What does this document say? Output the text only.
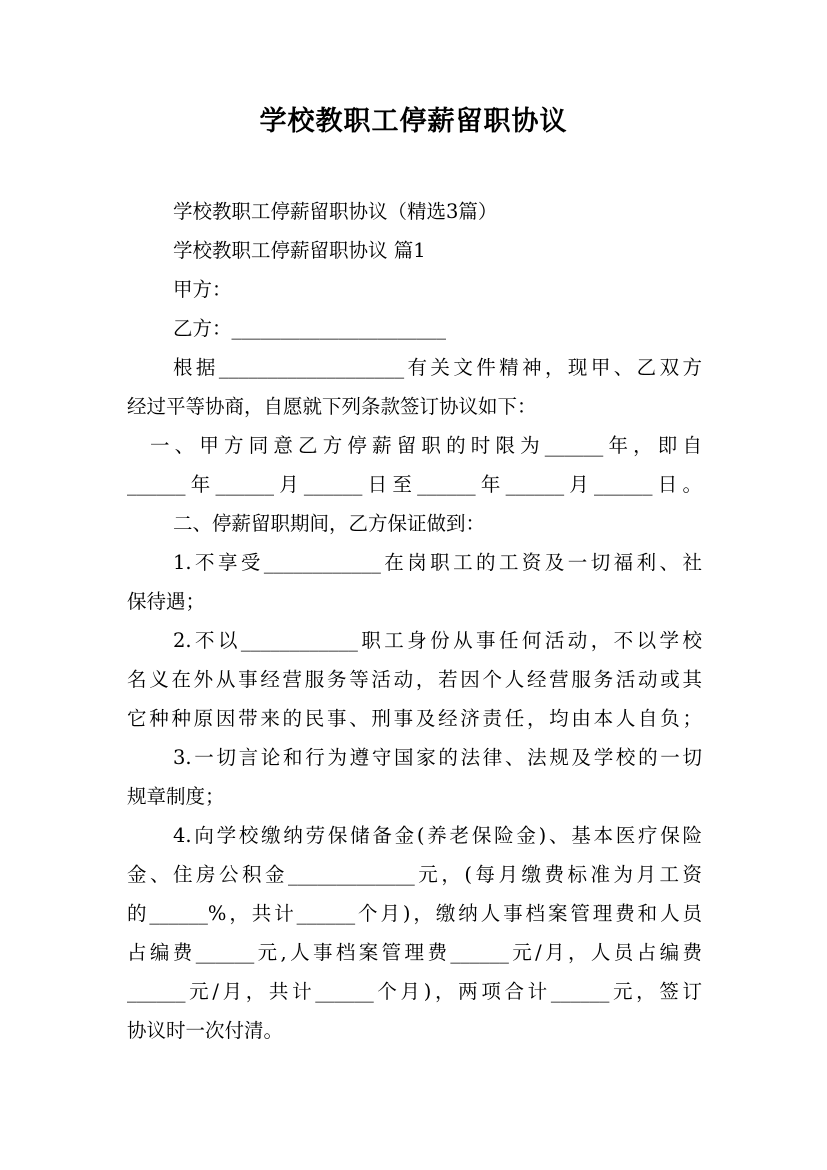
学校教职工停薪留职协议
学校教职工停薪留职协议（精选3篇）
学校教职工停薪留职协议 篇1
甲方：
乙方：______________________
根据___________________有关文件精神，现甲、乙双方
经过平等协商，自愿就下列条款签订协议如下：
一、甲方同意乙方停薪留职的时限为______年，即自
______年______月______日至______年______月______日。
二、停薪留职期间，乙方保证做到：
1.不享受____________在岗职工的工资及一切福利、社
保待遇；
2.不以____________职工身份从事任何活动，不以学校
名义在外从事经营服务等活动，若因个人经营服务活动或其
它种种原因带来的民事、刑事及经济责任，均由本人自负；
3.一切言论和行为遵守国家的法律、法规及学校的一切
规章制度；
4.向学校缴纳劳保储备金(养老保险金)、基本医疗保险
金、住房公积金_____________元，(每月缴费标准为月工资
的______%，共计______个月)，缴纳人事档案管理费和人员
占编费______元,人事档案管理费______元/月，人员占编费
______元/月，共计______个月)，两项合计______元，签订
协议时一次付清。
